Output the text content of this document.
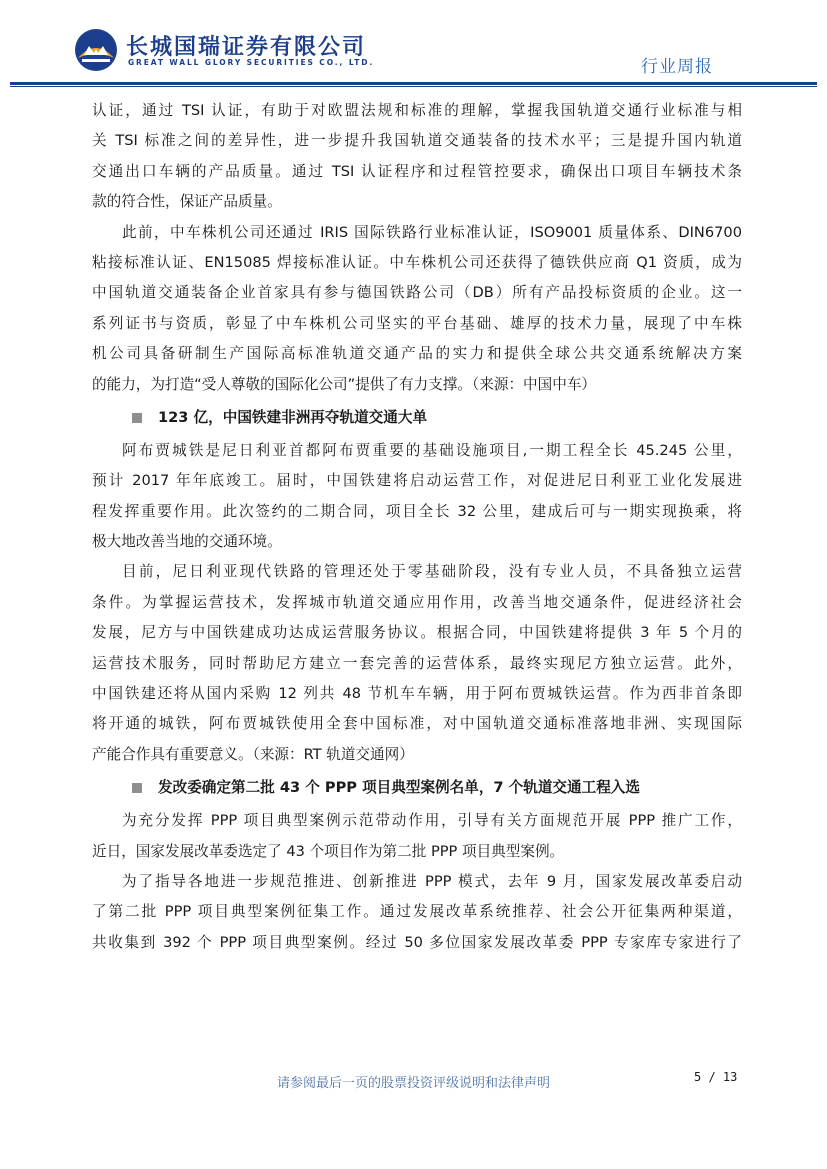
长城国瑞证券有限公司
GREAT WALL GLORY SECURITIES CO., LTD.	行业周报
认证，通过 TSI 认证，有助于对欧盟法规和标准的理解，掌握我国轨道交通行业标准与相
关 TSI 标准之间的差异性，进一步提升我国轨道交通装备的技术水平；三是提升国内轨道
交通出口车辆的产品质量。通过 TSI 认证程序和过程管控要求，确保出口项目车辆技术条
款的符合性，保证产品质量。
此前，中车株机公司还通过 IRIS 国际铁路行业标准认证，ISO9001 质量体系、DIN6700
粘接标准认证、EN15085 焊接标准认证。中车株机公司还获得了德铁供应商 Q1 资质，成为
中国轨道交通装备企业首家具有参与德国铁路公司（DB）所有产品投标资质的企业。这一
系列证书与资质，彰显了中车株机公司坚实的平台基础、雄厚的技术力量，展现了中车株
机公司具备研制生产国际高标准轨道交通产品的实力和提供全球公共交通系统解决方案
的能力，为打造“受人尊敬的国际化公司”提供了有力支撑。（来源：中国中车）
123 亿，中国铁建非洲再夺轨道交通大单
阿布贾城铁是尼日利亚首都阿布贾重要的基础设施项目,一期工程全长 45.245 公里，
预计 2017 年年底竣工。届时，中国铁建将启动运营工作，对促进尼日利亚工业化发展进
程发挥重要作用。此次签约的二期合同，项目全长 32 公里，建成后可与一期实现换乘，将
极大地改善当地的交通环境。
目前，尼日利亚现代铁路的管理还处于零基础阶段，没有专业人员，不具备独立运营
条件。为掌握运营技术，发挥城市轨道交通应用作用，改善当地交通条件，促进经济社会
发展，尼方与中国铁建成功达成运营服务协议。根据合同，中国铁建将提供 3 年 5 个月的
运营技术服务，同时帮助尼方建立一套完善的运营体系，最终实现尼方独立运营。此外，
中国铁建还将从国内采购 12 列共 48 节机车车辆，用于阿布贾城铁运营。作为西非首条即
将开通的城铁，阿布贾城铁使用全套中国标准，对中国轨道交通标准落地非洲、实现国际
产能合作具有重要意义。（来源：RT 轨道交通网）
发改委确定第二批 43 个 PPP 项目典型案例名单，7 个轨道交通工程入选
为充分发挥 PPP 项目典型案例示范带动作用，引导有关方面规范开展 PPP 推广工作，
近日，国家发展改革委选定了 43 个项目作为第二批 PPP 项目典型案例。
为了指导各地进一步规范推进、创新推进 PPP 模式，去年 9 月，国家发展改革委启动
了第二批 PPP 项目典型案例征集工作。通过发展改革系统推荐、社会公开征集两种渠道，
共收集到 392 个 PPP 项目典型案例。经过 50 多位国家发展改革委 PPP 专家库专家进行了
请参阅最后一页的股票投资评级说明和法律声明	5 / 13
